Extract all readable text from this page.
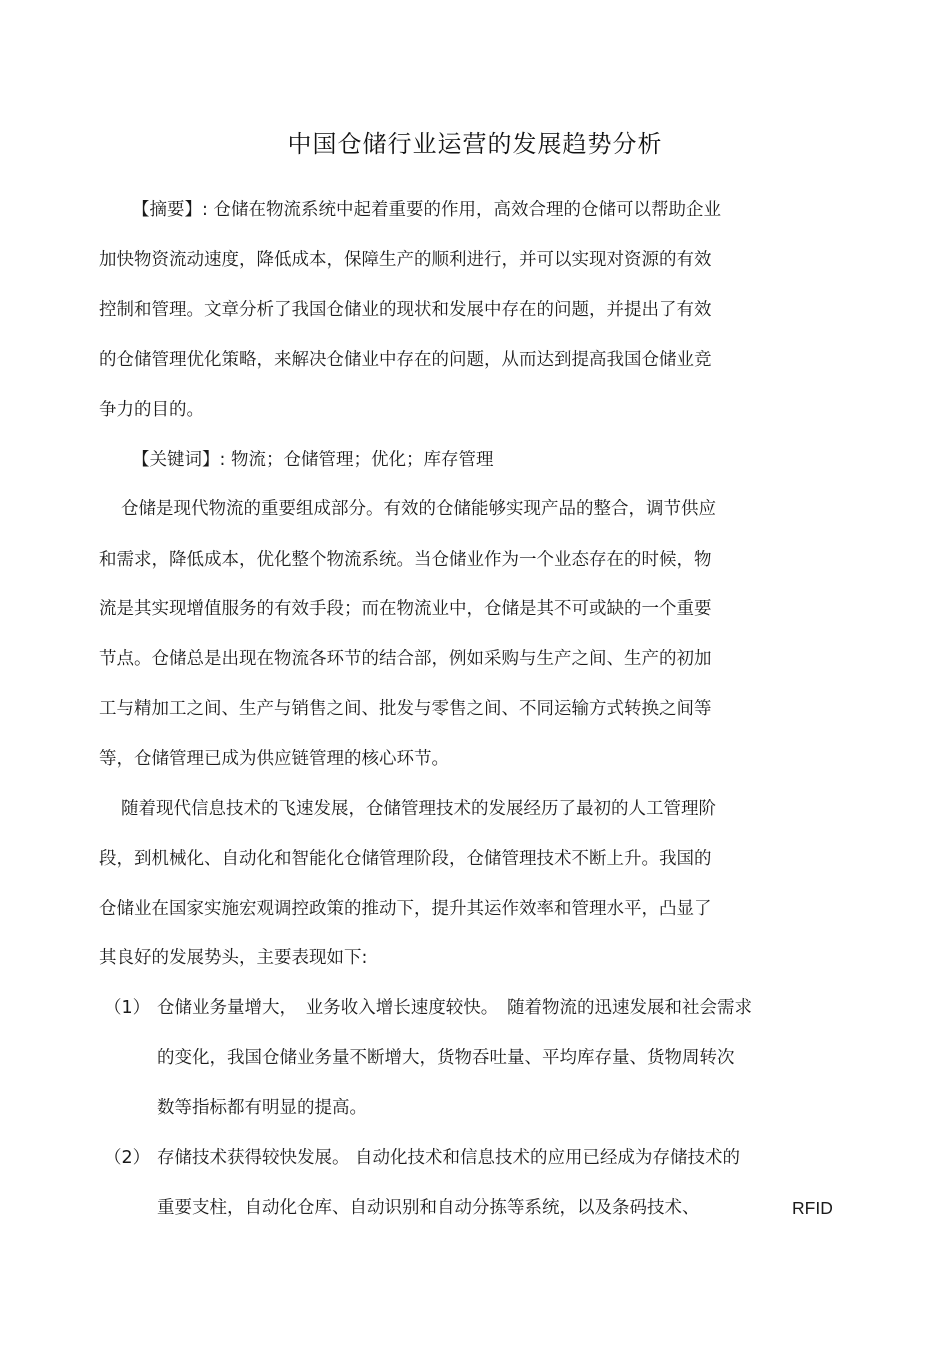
中国仓储行业运营的发展趋势分析
【摘要】: 仓储在物流系统中起着重要的作用，高效合理的仓储可以帮助企业
加快物资流动速度，降低成本，保障生产的顺利进行，并可以实现对资源的有效
控制和管理。文章分析了我国仓储业的现状和发展中存在的问题，并提出了有效
的仓储管理优化策略，来解决仓储业中存在的问题，从而达到提高我国仓储业竞
争力的目的。
【关键词】: 物流；仓储管理；优化；库存管理
仓储是现代物流的重要组成部分。有效的仓储能够实现产品的整合，调节供应
和需求，降低成本，优化整个物流系统。当仓储业作为一个业态存在的时候，物
流是其实现增值服务的有效手段；而在物流业中，仓储是其不可或缺的一个重要
节点。仓储总是出现在物流各环节的结合部，例如采购与生产之间、生产的初加
工与精加工之间、生产与销售之间、批发与零售之间、不同运输方式转换之间等
等，仓储管理已成为供应链管理的核心环节。
随着现代信息技术的飞速发展，仓储管理技术的发展经历了最初的人工管理阶
段，到机械化、自动化和智能化仓储管理阶段，仓储管理技术不断上升。我国的
仓储业在国家实施宏观调控政策的推动下，提升其运作效率和管理水平，凸显了
其良好的发展势头，主要表现如下:
（1） 仓储业务量增大，　业务收入增长速度较快。　随着物流的迅速发展和社会需求
的变化，我国仓储业务量不断增大，货物吞吐量、平均库存量、货物周转次
数等指标都有明显的提高。
（2） 存储技术获得较快发展。 自动化技术和信息技术的应用已经成为存储技术的
重要支柱，自动化仓库、自动识别和自动分拣等系统，以及条码技术、	RFID
